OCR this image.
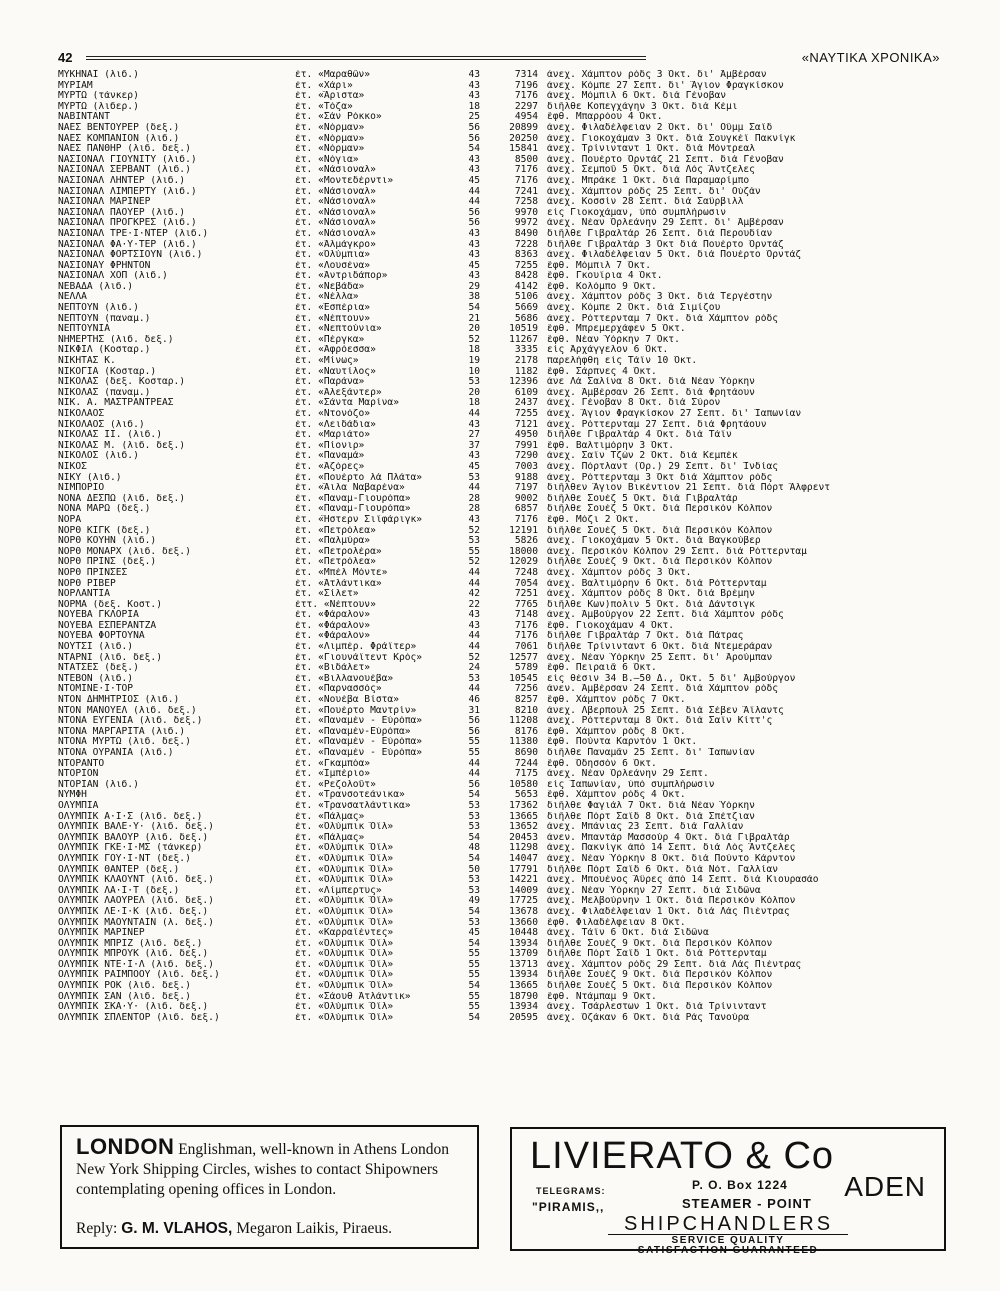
42	«ΝΑΥΤΙΚΑ ΧΡΟΝΙΚΑ»
ΜΥΚΗΝΑΙ (λιб.)	ἑτ. «Μαραθῶν»	43	7314 ἀνεχ. Χάμπτον ρόδς 3 Ὀκτ. δι' Ἀμβέρσαν
ΜΥΡΙΑΜ	ἑτ. «Χάρι»	43	7196 ἀνεχ. Κόμπε 27 Σεπτ. δι' Ἅγιον Φραγκίσκον
ΜΥΡΤΩ (τάνκερ)	ἑτ. «Ἄριστα»	43	7176 ἀνεχ. Μόμπιλ 6 Ὀκτ. διὰ Γένοβαν
ΜΥΡΤΩ (λιбερ.)	ἑτ. «Τόζα»	18	2297 διῆλθε Κοπεγχάγην 3 Ὀκτ. διὰ Κέμι
ΝΑΒΙΝΤΑΝΤ	ἑτ. «Σὰν Ρόκκο»	25	4954 ἔφθ. Μπαρρόου 4 Ὀκτ.
ΝΑΕΣ ΒΕΝΤΟΥΡΕΡ (δεξ.)	ἑτ. «Νόρμαν»	56	20899 ἀνεχ. Φιλαδέλφειαν 2 Ὀκτ. δι' Οὔμμ Σαΐδ
ΝΑΕΣ ΚΟΜΠΑΝΙΟΝ (λιб.)	ἑτ. «Νόρμαν»	56	20250 ἀνεχ. Γιοκοχάμαν 3 Ὀκτ. διὰ Σουγκέϊ Πακνίγκ
ΝΑΕΣ ΠΑΝΘΗΡ (λιб. δεξ.)	ἑτ. «Νόρμαν»	54	15841 ἀνεχ. Τρίνινταντ 1 Ὀκτ. διὰ Μόντρεαλ
ΝΑΣΙΟΝΑΛ ΓΙΟΥΝΙΤΥ (λιб.)	ἑτ. «Νόγια»	43	8500 ἀνεχ. Πουέρτο Ὀρντάζ 21 Σεπτ. διὰ Γένοβαν
ΝΑΣΙΟΝΑΛ ΣΕΡΒΑΝΤ (λιб.)	ἑτ. «Νάσιοναλ»	43	7176 ἀνεχ. Σεμποῦ 5 Ὀκτ. διὰ Λὸς Ἄντζελες
ΝΑΣΙΟΝΑΛ ΛΗΝΤΕΡ (λιб.)	ἑτ. «Μοντεδέρντι»	45	7176 ἀνεχ. Μπράκε 1 Ὀκτ. διὰ Παραμαρίμπο
ΝΑΣΙΟΝΑΛ ΛΙΜΠΕΡΤΥ (λιб.)	ἑτ. «Νάσιοναλ»	44	7241 ἀνεχ. Χάμπτον ρόδς 25 Σεπτ. δι' Οὐζὰν
ΝΑΣΙΟΝΑΛ ΜΑΡΙΝΕΡ	ἑτ. «Νάσιοναλ»	44	7258 ἀνεχ. Κοσσὶν 28 Σεπτ. διὰ Σαϋρβιλλ
ΝΑΣΙΟΝΑΛ ΠΑΟΥΕΡ (λιб.)	ἑτ. «Νάσιοναλ»	56	9970 εἰς Γιοκοχάμαν, ὑπὸ συμπλήρωσιν
ΝΑΣΙΟΝΑΛ ΠΡΟΓΚΡΕΣ (λιб.)	ἑτ. «Νάσιοναλ»	56	9972 ἀνεχ. Νέαν Ὀρλεάνην 29 Σεπτ. δι' Ἀμβέρσαν
ΝΑΣΙΟΝΑΛ ΤΡΕ·Ι·ΝΤΕΡ (λιб.)	ἑτ. «Νάσιοναλ»	43	8490 διῆλθε Γιβραλτὰρ 26 Σεπτ. διὰ Περουδίαν
ΝΑΣΙΟΝΑΛ ΦΑ·Υ·ΤΕΡ (λιб.)	ἑτ. «Ἀλμάγκρο»	43	7228 διῆλθε Γιβραλτὰρ 3 Ὀκτ διὰ Πουέρτο Ὀρντάζ
ΝΑΣΙΟΝΑΛ ΦΟΡΤΣΙΟΥΝ (λιб.)	ἑτ. «Ὀλύμπια»	43	8363 ἀνεχ. Φιλαδέλφειαν 5 Ὀκτ. διὰ Πουέρτο Ὀρντάζ
ΝΑΣΙΟΝΑΥ ΦΡΗΝΤΟΝ	ἑτ. «Λουσένα»	45	7255 ἔφθ. Μόμπιλ 7 Ὀκτ.
ΝΑΣΙΟΝΑΛ ΧΟΠ (λιб.)	ἑτ. «Ἀντριδάπορ»	43	8428 ἔφθ. Γκουΐρια 4 Ὀκτ.
ΝΕΒΑΔΑ (λιб.)	ἑτ. «Νεβάδα»	29	4142 ἔφθ. Κολόμπο 9 Ὀκτ.
ΝΕΛΛΑ	ἑτ. «Νέλλα»	38	5106 ἀνεχ. Χάμπτον ρόδς 3 Ὀκτ. διὰ Τεργέστην
ΝΕΠΤΟΥΝ (λιб.)	ἑτ. «Ἑσπέρια»	54	5669 ἀνεχ. Κόμπε 2 Ὀκτ. διὰ Σιμίζου
ΝΕΠΤΟΥΝ (παναμ.)	ἑτ. «Νέπτουν»	21	5686 ἀνεχ. Ρόττερνταμ 7 Ὀκτ. διὰ Χάμπτον ρόδς
ΝΕΠΤΟΥΝΙΑ	ἑτ. «Νεπτούνια»	20	10519 ἔφθ. Μπρεμερχάφεν 5 Ὀκτ.
ΝΗΜΕΡΤΗΣ (λιб. δεξ.)	ἑτ. «Πέργκα»	52	11267 ἔφθ. Νέαν Ὑόρκην 7 Ὀκτ.
ΝΙΚΦΙΛ (Κοσταρ.)	ἑτ. «Ἀφρόεσσα»	18	3335 εἰς Ἀρχάγγελον 6 Ὀκτ.
ΝΙΚΗΤΑΣ Κ.	ἑτ. «Μίνως»	19	2178 παρελήφθη εἰς Τάϊν 10 Ὀκτ.
ΝΙΚΟΓΙΑ (Κοσταρ.)	ἑτ. «Ναυτίλος»	10	1182 ἔφθ. Σάρπνες 4 Ὀκτ.
ΝΙΚΟΛΑΣ (δεξ. Κοσταρ.)	ἑτ. «Παράνα»	53	12396 ἀνε Λὰ Σαλίνα 8 Ὀκτ. διὰ Νέαν Ὑόρκην
ΝΙΚΟΛΑΣ (παναμ.)	ἑτ. «Ἀλεξάντερ»	20	6109 ἀνεχ. Ἀμβέρσαν 26 Σεπτ. διὰ Φρητάουν
ΝΙΚ. Α. ΜΑΣΤΡΑΝΤΡΕΑΣ	ἑτ. «Σάντα Μαρίνα»	18	2437 ἀνεχ. Γένοβαν 8 Ὀκτ. διὰ Σύρον
ΝΙΚΟΛΑΟΣ	ἑτ. «Ντονόζο»	44	7255 ἀνεχ. Ἅγιον Φραγκίσκον 27 Σεπτ. δι' Ἰαπωνίαν
ΝΙΚΟΛΑΟΣ (λιб.)	ἑτ. «Λειδάδια»	43	7121 ἀνεχ. Ρόττερνταμ 27 Σεπτ. διὰ Φρητάουν
ΝΙΚΟΛΑΣ ΙΙ. (λιб.)	ἑτ. «Μαριάτο»	27	4950 διῆλθε Γιβραλτὰρ 4 Ὀκτ. διὰ Τάϊν
ΝΙΚΟΛΑΣ Μ. (λιб. δεξ.)	ἑτ. «Πίονιρ»	37	7991 ἔφθ. Βαλτιμόρην 3 Ὀκτ.
ΝΙΚΟΛΟΣ (λιб.)	ἑτ. «Παναμά»	43	7290 ἀνεχ. Σαϊν Τζὼν 2 Ὀκτ. διὰ Κεμπὲκ
ΝΙΚΟΣ	ἑτ. «Ἀζόρες»	45	7003 ἀνεχ. Πόρτλαντ (Ὀρ.) 29 Σεπτ. δι' Ἰνδίας
ΝΙΚΥ (λιб.)	ἑτ. «Πουέρτο λὰ Πλάτα»	53	9188 ἀνεχ. Ρόττερνταμ 3 Ὀκτ διὰ Χάμπτον ρόδς
ΝΙΜΠΟΡΙΟ	ἑτ. «Ἄιλα Ναβαρένα»	44	7197 διῆλθεν Ἅγιον Βικέντιον 21 Σεπτ. διὰ Πὸρτ Ἄλφρεντ
ΝΟΝΑ ΔΕΣΠΩ (λιб. δεξ.)	ἑτ. «Παναμ-Γιουρόπα»	28	9002 διῆλθε Σουέζ 5 Ὀκτ. διὰ Γιβραλτὰρ
ΝΟΝΑ ΜΑΡΩ (δεξ.)	ἑτ. «Παναμ-Γιουρόπα»	28	6857 διῆλθε Σουέζ 5 Ὀκτ. διὰ Περσικὸν Κόλπον
ΝΟΡΑ	ἑτ. «Ἥστερν Σιϊφάριγκ»	43	7176 ἔφθ. Μόζι 2 Ὀκτ.
ΝΟΡΘ ΚΙΓΚ (δεξ.)	ἑτ. «Πετρόλεα»	52	12191 διῆλθε Σουέζ 5 Ὀκτ. διὰ Περσικὸν Κόλπον
ΝΟΡΘ ΚΟΥΗΝ (λιб.)	ἑτ. «Παλμύρα»	53	5826 ἀνεχ. Γιοκοχάμαν 5 Ὀκτ. διὰ Βαγκούβερ
ΝΟΡΘ ΜΟΝΑΡΧ (λιб. δεξ.)	ἑτ. «Πετρολέρα»	55	18000 ἀνεχ. Περσικὸν Κόλπον 29 Σεπτ. διὰ Ρόττερνταμ
ΝΟΡΘ ΠΡΙΝΣ (δεξ.)	ἑτ. «Πετρόλεα»	52	12029 διῆλθε Σουέζ 9 Ὀκτ. διὰ Περσικὸν Κόλπον
ΝΟΡΘ ΠΡΙΝΣΕΣ	ἑτ. «Μπὲλ Μόντε»	44	7248 ἀνεχ. Χάμπτον ρόδς 3 Ὀκτ.
ΝΟΡΘ ΡΙΒΕΡ	ἑτ. «Ἀτλάντικα»	44	7054 ἀνεχ. Βαλτιμόρην 6 Ὀκτ. διὰ Ρόττερνταμ
ΝΟΡΛΑΝΤΙΑ	ἑτ. «Σίλετ»	42	7251 ἀνεχ. Χάμπτον ρόδς 8 Ὀκτ. διὰ Βρέμην
ΝΟΡΜΑ (δεξ. Κοστ.)	ἑττ. «Νέπτουν»	22	7765 διῆλθε Κων)πολιν 5 Ὀκτ. διὰ Δάντσιγκ
ΝΟΥΕΒΑ ΓΚΛΟΡΙΑ	ἑτ. «Φάραλον»	43	7148 ἀνεχ. Ἀμβούργον 22 Σεπτ. διὰ Χάμπτον ρόδς
ΝΟΥΕΒΑ ΕΣΠΕΡΑΝΤΖΑ	ἑτ. «Φάραλον»	43	7176 ἔφθ. Γιοκοχάμαν 4 Ὀκτ.
ΝΟΥΕΒΑ ΦΟΡΤΟΥΝΑ	ἑτ. «Φάραλον»	44	7176 διῆλθε Γιβραλτὰρ 7 Ὀκτ. διὰ Πάτρας
ΝΟΥΤΣΙ (λιб.)	ἑτ. «Λιμπὲρ. Φράϊτερ»	44	7061 διῆλθε Τρίνινταντ 6 Ὀκτ. διὰ Ντεμεράραν
ΝΤΑΡΝΙ (λιб. δεξ.)	ἑτ. «Γιουνάϊτεντ Κρὸς»	52	12577 ἀνεχ. Νέαν Ὑόρκην 25 Σεπτ. δι' Ἀρούμπαν
ΝΤΑΤΣΕΣ (δεξ.)	ἑτ. «Βιδάλετ»	24	5789 ἔφθ. Πειραιᾶ 6 Ὀκτ.
ΝΤΕΒΟΝ (λιб.)	ἑτ. «Βιλλανουέβα»	53	10545 εἰς θέσιν 34 Β.—50 Δ., Ὀκτ. 5 δι' Ἀμβούργον
ΝΤΟΜΙΝΕ·Ι·ΤΟΡ	ἑτ. «Παρνασσός»	44	7256 ἀνεν. Ἀμβέρσαν 24 Σεπτ. διὰ Χάμπτον ρόδς
ΝΤΟΝ ΔΗΜΗΤΡΙΟΣ (λιб.)	ἑτ. «Νουέβα Βίστα»	46	8257 ἔφθ. Χάμπτον ρόδς 7 Ὀκτ.
ΝΤΟΝ ΜΑΝΟΥΕΛ (λιб. δεξ.)	ἑτ. «Πουέρτο Μαντρὶν»	31	8210 ἀνεχ. Λβερπουλ 25 Σεπτ. διὰ Σέβεν Ἄϊλαντς
ΝΤΟΝΑ ΕΥΓΕΝΙΑ (λιб. δεξ.)	ἑτ. «Παναμὲν - Εὐρόπα»	56	11208 ἀνεχ. Ρόττερνταμ 8 Ὀκτ. διὰ Σαϊν Κίττ'ς
ΝΤΟΝΑ ΜΑΡΓΑΡΙΤΑ (λιб.)	ἑτ. «Παναμὲν-Εὐρόπα»	56	8176 ἔφθ. Χάμπτον ρόδς 8 Ὀκτ.
ΝΤΟΝΑ ΜΥΡΤΩ (λιб. δεξ.)	ἑτ. «Παναμὲν - Εὐρόπα»	55	11380 ἔφθ. Πούντα Καρντὸν 1 Ὀκτ.
ΝΤΟΝΑ ΟΥΡΑΝΙΑ (λιб.)	ἑτ. «Παναμὲν - Εὐρόπα»	55	8690 διῆλθε Παναμᾶν 25 Σεπτ. δι' Ἰαπωνίαν
ΝΤΟΡΑΝΤΟ	ἑτ. «Γκαμπόα»	44	7244 ἔφθ. Ὀδησσὸν 6 Ὀκτ.
ΝΤΟΡΙΟΝ	ἑτ. «Ἰμπέριο»	44	7175 ἀνεχ. Νέαν Ὀρλεάνην 29 Σεπτ.
ΝΤΟΡΙΑΝ (λιб.)	ἑτ. «Ρεζολοῦτ»	56	10580 εἰς Ἰαπωνίαν, ὑπὸ συμπλήρωσιν
ΝΥΜΦΗ	ἑτ. «Τρανσοτεάνικα»	54	5653 ἔφθ. Χάμπτον ρόδς 4 Ὀκτ.
ΟΛΥΜΠΙΑ	ἑτ. «Τρανσατλάντικα»	53	17362 διῆλθε Φαγιάλ 7 Ὀκτ. διὰ Νέαν Ὑόρκην
ΟΛΥΜΠΙΚ Α·Ι·Σ (λιб. δεξ.)	ἑτ. «Πάλμας»	53	13665 διῆλθε Πὸρτ Σαΐδ 8 Ὀκτ. διὰ Σπέτζιαν
ΟΛΥΜΠΙΚ ΒΑΛΕ·Υ· (λιб. δεξ.)	ἑτ. «Ὀλύμπικ Ὄϊλ»	53	13652 ἀνεχ. Μπάνιας 23 Σεπτ. διὰ Γαλλίαν
ΟΛΥΜΠΙΚ ΒΑΛΟΥΡ (λιб. δεξ.)	ἑτ. «Πάλμας»	54	20453 ἀνεν. Μπαντὰρ Μασσοὺρ 4 Ὀκτ. διὰ Γιβραλτὰρ
ΟΛΥΜΠΙΚ ΓΚΕ·Ι·ΜΣ (τάνκερ)	ἑτ. «Ὀλύμπικ Ὄϊλ»	48	11298 ἀνεχ. Πακνὶγκ ἀπὸ 14 Σεπτ. διὰ Λὸς Ἄντζελες
ΟΛΥΜΠΙΚ ΓΟΥ·Ι·ΝΤ (δεξ.)	ἑτ. «Ὀλύμπικ Ὄϊλ»	54	14047 ἀνεχ. Νέαν Ὑόρκην 8 Ὀκτ. διὰ Πούντο Κάρντον
ΟΛΥΜΠΙΚ ΘΑΝΤΕΡ (δεξ.)	ἑτ. «Ὀλύμπικ Ὄϊλ»	50	17791 διῆλθε Πὸρτ Σαΐδ 6 Ὀκτ. διὰ Νότ. Γαλλίαν
ΟΛΥΜΠΙΚ ΚΛΑΟΥΝΤ (λιб. δεξ.)	ἑτ. «Ὀλύμπικ Ὄϊλ»	53	14221 ἀνεχ. Μπουένος Ἄϋρες ἀπὸ 14 Σεπτ. διὰ Κιουρασάο
ΟΛΥΜΠΙΚ ΛΑ·Ι·Τ (δεξ.)	ἑτ. «Λίμπερτυς»	53	14009 ἀνεχ. Νέαν Ὑόρκην 27 Σεπτ. διὰ Σιδῶνα
ΟΛΥΜΠΙΚ ΛΑΟΥΡΕΛ (λιб. δεξ.)	ἑτ. «Ὀλύμπικ Ὄϊλ»	49	17725 ἀνεχ. Μελβούρνην 1 Ὀκτ. διὰ Περσικὸν Κόλπον
ΟΛΥΜΠΙΚ ΛΕ·Ι·Κ (λιб. δεξ.)	ἑτ. «Ὀλύμπικ Ὄϊλ»	54	13678 ἀνεχ. Φιλαδέλφειαν 1 Ὀκτ. διὰ Λὰς Πιέντρας
ΟΛΥΜΠΙΚ ΜΑΟΥΝΤΑΙΝ (λ. δεξ.)	ἑτ. «Ὀλύμπικ Ὄϊλ»	53	13660 ἔφθ. Φιλαδέλφειαν 8 Ὀκτ.
ΟΛΥΜΠΙΚ ΜΑΡΙΝΕΡ	ἑτ. «Καρραϊέντες»	45	10448 ἀνεχ. Τάϊν 6 Ὀκτ. διὰ Σιδῶνα
ΟΛΥΜΠΙΚ ΜΠΡΙΖ (λιб. δεξ.)	ἑτ. «Ὀλύμπικ Ὄϊλ»	54	13934 διῆλθε Σουέζ 9 Ὀκτ. διὰ Περσικὸν Κόλπον
ΟΛΥΜΠΙΚ ΜΠΡΟΥΚ (λιб. δεξ.)	ἑτ. «Ὀλύμπικ Ὄϊλ»	55	13709 διῆλθε Πὸρτ Σαΐδ 1 Ὀκτ. διὰ Ρόττερνταμ
ΟΛΥΜΠΙΚ ΝΤΕ·Ι·Λ (λιб. δεξ.)	ἑτ. «Ὀλύμπικ Ὄϊλ»	55	13713 ἀνεχ. Χάμπτον ρόδς 29 Σεπτ. διὰ Λὰς Πιέντρας
ΟΛΥΜΠΙΚ ΡΑΙΜΠΟΟΥ (λιб. δεξ.)	ἑτ. «Ὀλύμπικ Ὄϊλ»	55	13934 διῆλθε Σουέζ 9 Ὀκτ. διὰ Περσικὸν Κόλπον
ΟΛΥΜΠΙΚ ΡΟΚ (λιб. δεξ.)	ἑτ. «Ὀλύμπικ Ὄϊλ»	54	13665 διῆλθε Σουέζ 5 Ὀκτ. διὰ Περσικὸν Κόλπον
ΟΛΥΜΠΙΚ ΣΑΝ (λιб. δεξ.)	ἑτ. «Σάουθ Ἀτλάντικ»	55	18790 ἔφθ. Ντάμπαμ 9 Ὀκτ.
ΟΛΥΜΠΙΚ ΣΚΑ·Υ· (λιб. δεξ.)	ἑτ. «Ὀλύμπικ Ὄϊλ»	55	13934 ἀνεχ. Τσάρλεστων 1 Ὀκτ. διὰ Τρίνινταντ
ΟΛΥΜΠΙΚ ΣΠΛΕΝΤΟΡ (λιб. δεξ.)	ἑτ. «Ὀλύμπικ Ὄϊλ»	54	20595 ἀνεχ. Ὀζάκαν 6 Ὀκτ. διὰ Ρὰς Τανούρα
LONDON Englishman, well-known in Athens London New York Shipping Circles, wishes to contact Shipowners contemplating opening offices in London.
Reply: G. M. VLAHOS, Megaron Laikis, Piraeus.
LIVIERATO & Co
TELEGRAMS:	P. O. Box 1224 ADEN
"PIRAMIS,,	STEAMER - POINT
SHIPCHANDLERS
SERVICE QUALITY
SATISFACTION GUARANTEED
